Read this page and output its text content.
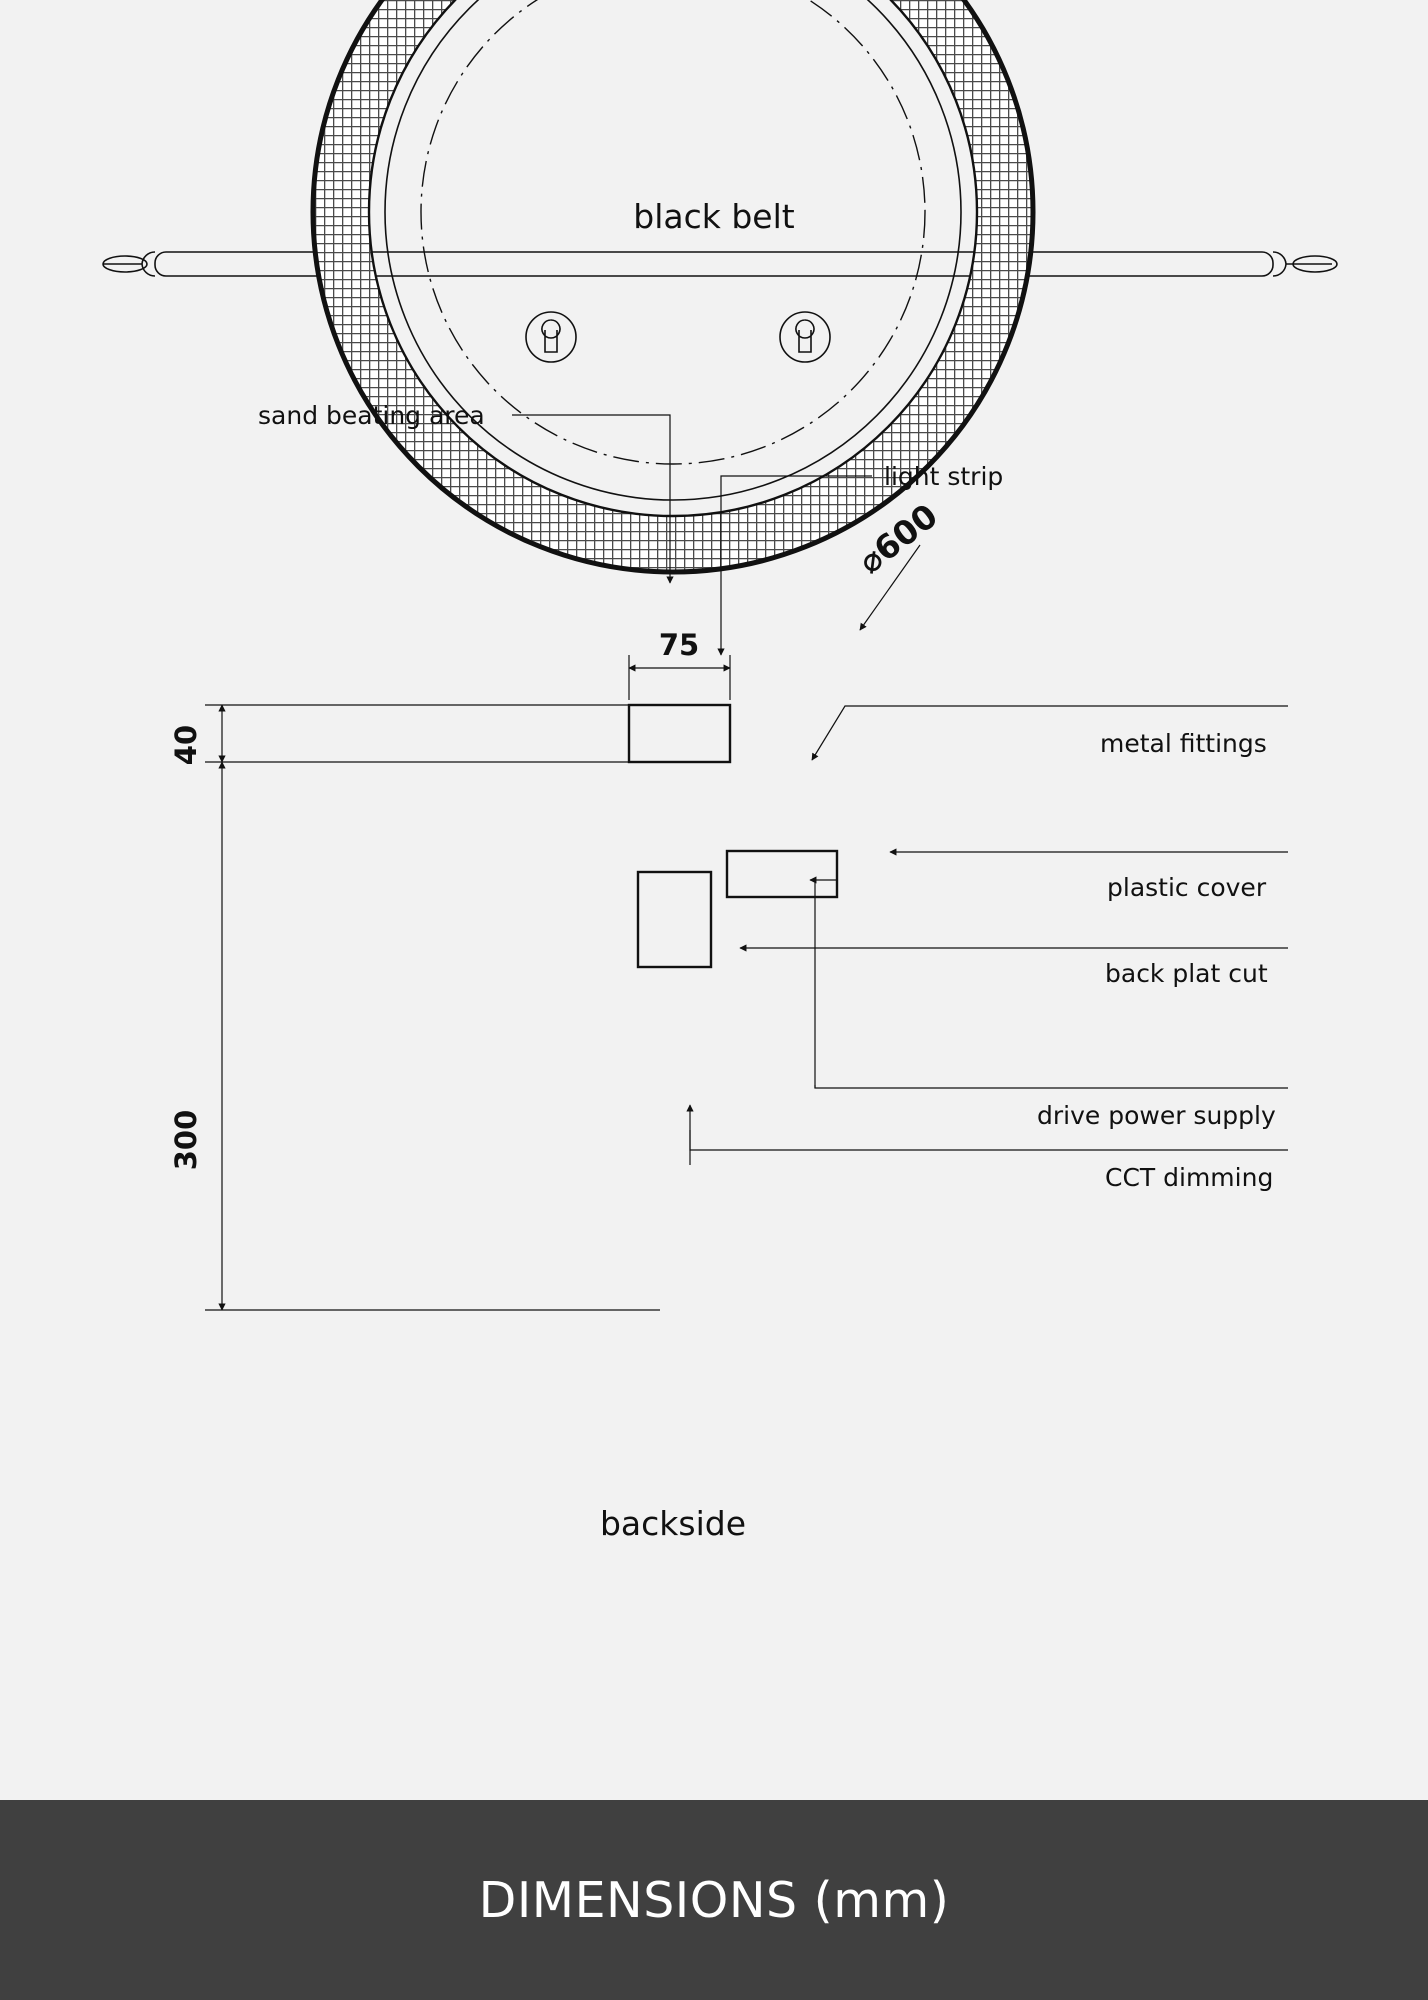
black belt
sand beating area
light strip
⌀600
metal fittings
plastic cover
back plat cut
drive power supply
CCT dimming
75
40
300
backside
DIMENSIONS (mm)
